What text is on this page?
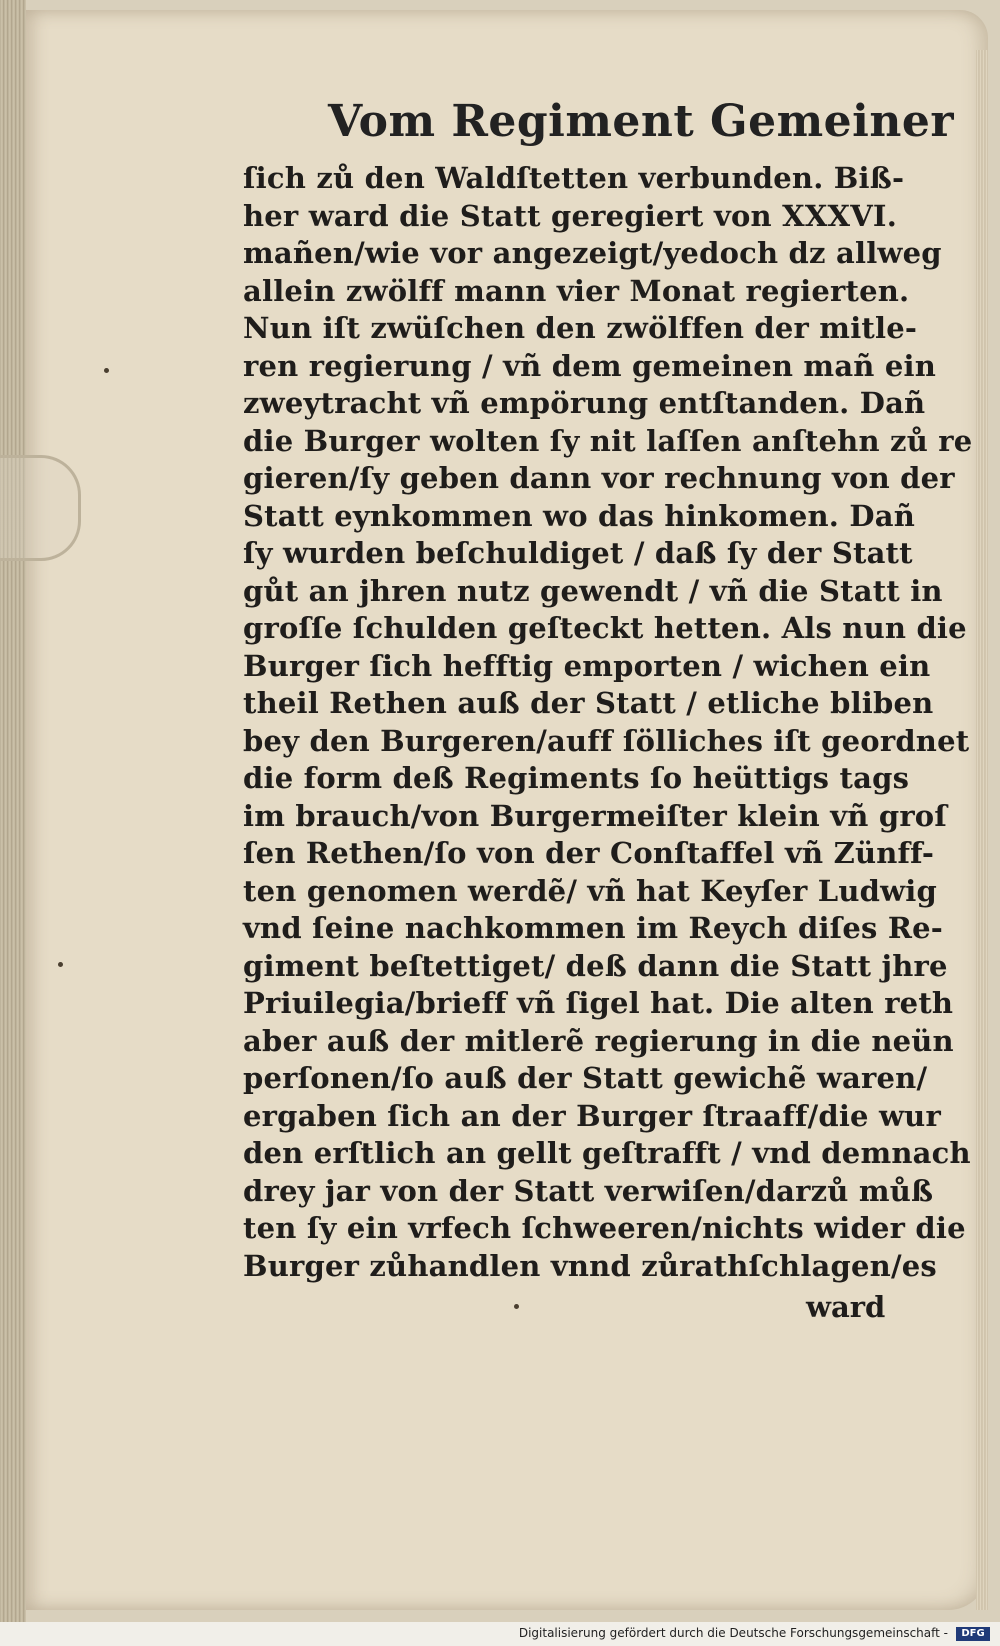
Vom Regiment Gemeiner
ſich zů den Waldſtetten verbunden. Biß-
her ward die Statt geregiert von XXXVI.
mañen/wie vor angezeigt/yedoch dz allweg
allein zwölff mann vier Monat regierten.
Nun iſt zwüſchen den zwölffen der mitle-
ren regierung / vñ dem gemeinen mañ ein
zweytracht vñ empörung entſtanden. Dañ
die Burger wolten ſy nit laſſen anſtehn zů re
gieren/ſy geben dann vor rechnung von der
Statt eynkommen wo das hinkomen. Dañ
ſy wurden beſchuldiget / daß ſy der Statt
gůt an jhren nutz gewendt / vñ die Statt in
groſſe ſchulden geſteckt hetten. Als nun die
Burger ſich hefftig emporten / wichen ein
theil Rethen auß der Statt / etliche bliben
bey den Burgeren/auff ſölliches iſt geordnet
die form deß Regiments ſo heüttigs tags
im brauch/von Burgermeiſter klein vñ groſ
ſen Rethen/ſo von der Conſtaffel vñ Zünff-
ten genomen werdẽ/ vñ hat Keyſer Ludwig
vnd ſeine nachkommen im Reych diſes Re-
giment beſtettiget/ deß dann die Statt jhre
Priuilegia/brieff vñ ſigel hat. Die alten reth
aber auß der mitlerẽ regierung in die neün
perſonen/ſo auß der Statt gewichẽ waren/
ergaben ſich an der Burger ſtraaff/die wur
den erſtlich an gellt geſtrafft / vnd demnach
drey jar von der Statt verwiſen/darzů můß
ten ſy ein vrfech ſchweeren/nichts wider die
Burger zůhandlen vnnd zůrathſchlagen/es
ward
Digitalisierung gefördert durch die Deutsche Forschungsgemeinschaft -	DFG
